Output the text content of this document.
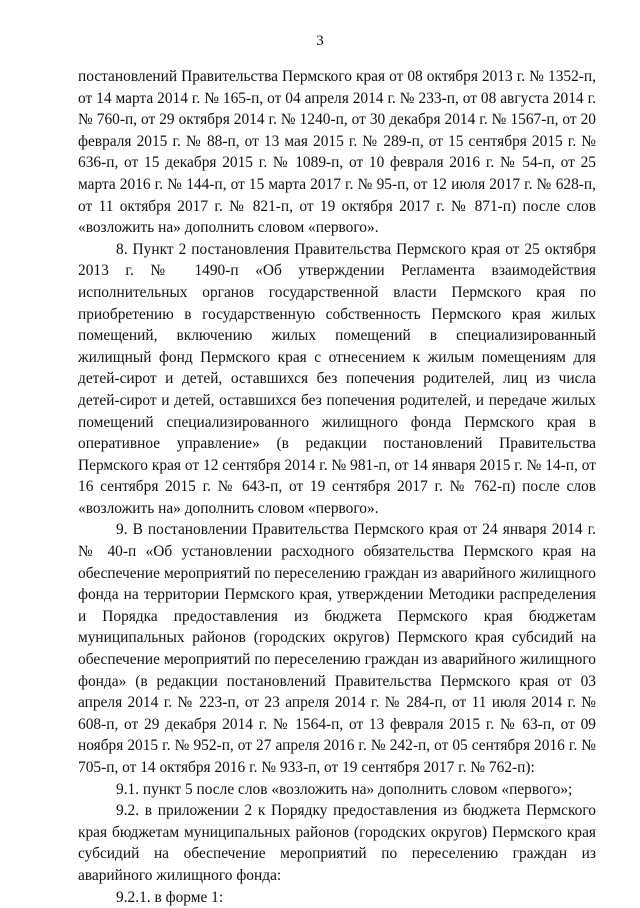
3

постановлений Правительства Пермского края от 08 октября 2013 г. № 1352-п, от 14 марта 2014 г. № 165-п, от 04 апреля 2014 г. № 233-п, от 08 августа 2014 г. № 760-п, от 29 октября 2014 г. № 1240-п, от 30 декабря 2014 г. № 1567-п, от 20 февраля 2015 г. № 88-п, от 13 мая 2015 г. № 289-п, от 15 сентября 2015 г. № 636-п, от 15 декабря 2015 г. № 1089-п, от 10 февраля 2016 г. № 54-п, от 25 марта 2016 г. № 144-п, от 15 марта 2017 г. № 95-п, от 12 июля 2017 г. № 628-п, от 11 октября 2017 г. № 821-п, от 19 октября 2017 г. № 871-п) после слов «возложить на» дополнить словом «первого».

8. Пункт 2 постановления Правительства Пермского края от 25 октября 2013 г. № 1490-п «Об утверждении Регламента взаимодействия исполнительных органов государственной власти Пермского края по приобретению в государственную собственность Пермского края жилых помещений, включению жилых помещений в специализированный жилищный фонд Пермского края с отнесением к жилым помещениям для детей-сирот и детей, оставшихся без попечения родителей, лиц из числа детей-сирот и детей, оставшихся без попечения родителей, и передаче жилых помещений специализированного жилищного фонда Пермского края в оперативное управление» (в редакции постановлений Правительства Пермского края от 12 сентября 2014 г. № 981-п, от 14 января 2015 г. № 14-п, от 16 сентября 2015 г. № 643-п, от 19 сентября 2017 г. № 762-п) после слов «возложить на» дополнить словом «первого».

9. В постановлении Правительства Пермского края от 24 января 2014 г. № 40-п «Об установлении расходного обязательства Пермского края на обеспечение мероприятий по переселению граждан из аварийного жилищного фонда на территории Пермского края, утверждении Методики распределения и Порядка предоставления из бюджета Пермского края бюджетам муниципальных районов (городских округов) Пермского края субсидий на обеспечение мероприятий по переселению граждан из аварийного жилищного фонда» (в редакции постановлений Правительства Пермского края от 03 апреля 2014 г. № 223-п, от 23 апреля 2014 г. № 284-п, от 11 июля 2014 г. № 608-п, от 29 декабря 2014 г. № 1564-п, от 13 февраля 2015 г. № 63-п, от 09 ноября 2015 г. № 952-п, от 27 апреля 2016 г. № 242-п, от 05 сентября 2016 г. № 705-п, от 14 октября 2016 г. № 933-п, от 19 сентября 2017 г. № 762-п):

9.1. пункт 5 после слов «возложить на» дополнить словом «первого»;

9.2. в приложении 2 к Порядку предоставления из бюджета Пермского края бюджетам муниципальных районов (городских округов) Пермского края субсидий на обеспечение мероприятий по переселению граждан из аварийного жилищного фонда:

9.2.1. в форме 1:
